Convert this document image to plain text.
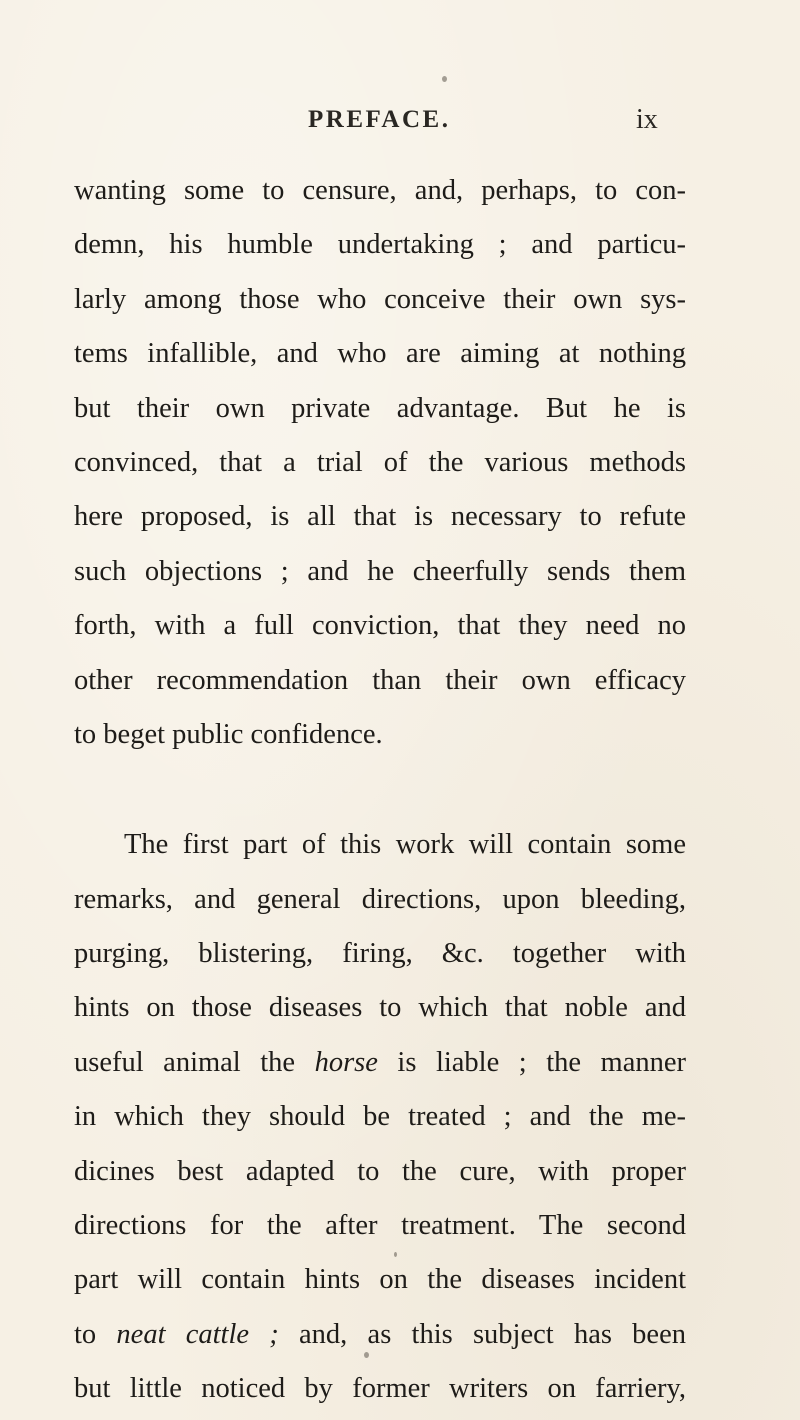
PREFACE.	ix
wanting some to censure, and, perhaps, to con-
demn, his humble undertaking ; and particu-
larly among those who conceive their own sys-
tems infallible, and who are aiming at nothing
but their own private advantage. But he is
convinced, that a trial of the various methods
here proposed, is all that is necessary to refute
such objections ; and he cheerfully sends them
forth, with a full conviction, that they need no
other recommendation than their own efficacy
to beget public confidence.
The first part of this work will contain some
remarks, and general directions, upon bleeding,
purging, blistering, firing, &c. together with
hints on those diseases to which that noble and
useful animal the horse is liable ; the manner
in which they should be treated ; and the me-
dicines best adapted to the cure, with proper
directions for the after treatment. The second
part will contain hints on the diseases incident
to neat cattle ; and, as this subject has been
but little noticed by former writers on farriery,
